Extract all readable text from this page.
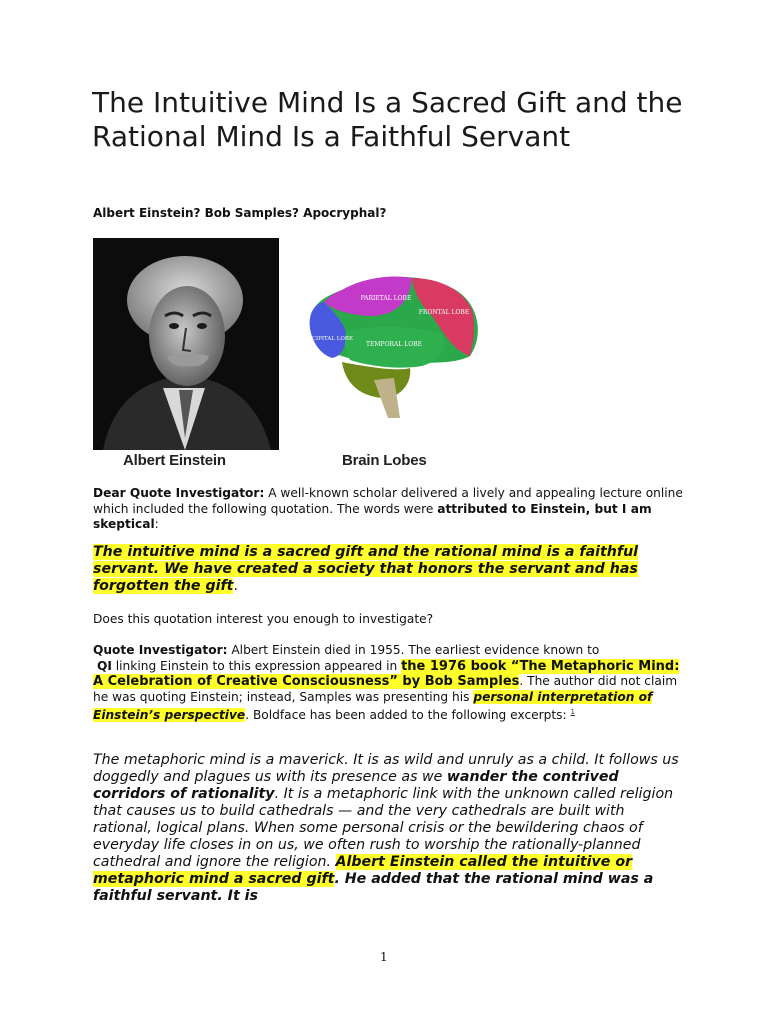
The Intuitive Mind Is a Sacred Gift and the Rational Mind Is a Faithful Servant

Albert Einstein? Bob Samples? Apocryphal?

PARIETAL LOBE
FRONTAL LOBE
OCCIPITAL LOBE
TEMPORAL LOBE
Albert Einstein	Brain Lobes

Dear Quote Investigator: A well-known scholar delivered a lively and appealing lecture online which included the following quotation. The words were attributed to Einstein, but I am skeptical:

The intuitive mind is a sacred gift and the rational mind is a faithful servant. We have created a society that honors the servant and has forgotten the gift.

Does this quotation interest you enough to investigate?

Quote Investigator: Albert Einstein died in 1955. The earliest evidence known to
QI linking Einstein to this expression appeared in the 1976 book “The Metaphoric Mind: A Celebration of Creative Consciousness” by Bob Samples. The author did not claim he was quoting Einstein; instead, Samples was presenting his personal interpretation of Einstein’s perspective. Boldface has been added to the following excerpts: $^1$

The metaphoric mind is a maverick. It is as wild and unruly as a child. It follows us doggedly and plagues us with its presence as we wander the contrived corridors of rationality. It is a metaphoric link with the unknown called religion that causes us to build cathedrals — and the very cathedrals are built with rational, logical plans. When some personal crisis or the bewildering chaos of everyday life closes in on us, we often rush to worship the rationally-planned cathedral and ignore the religion. Albert Einstein called the intuitive or metaphoric mind a sacred gift. He added that the rational mind was a faithful servant. It is

1
